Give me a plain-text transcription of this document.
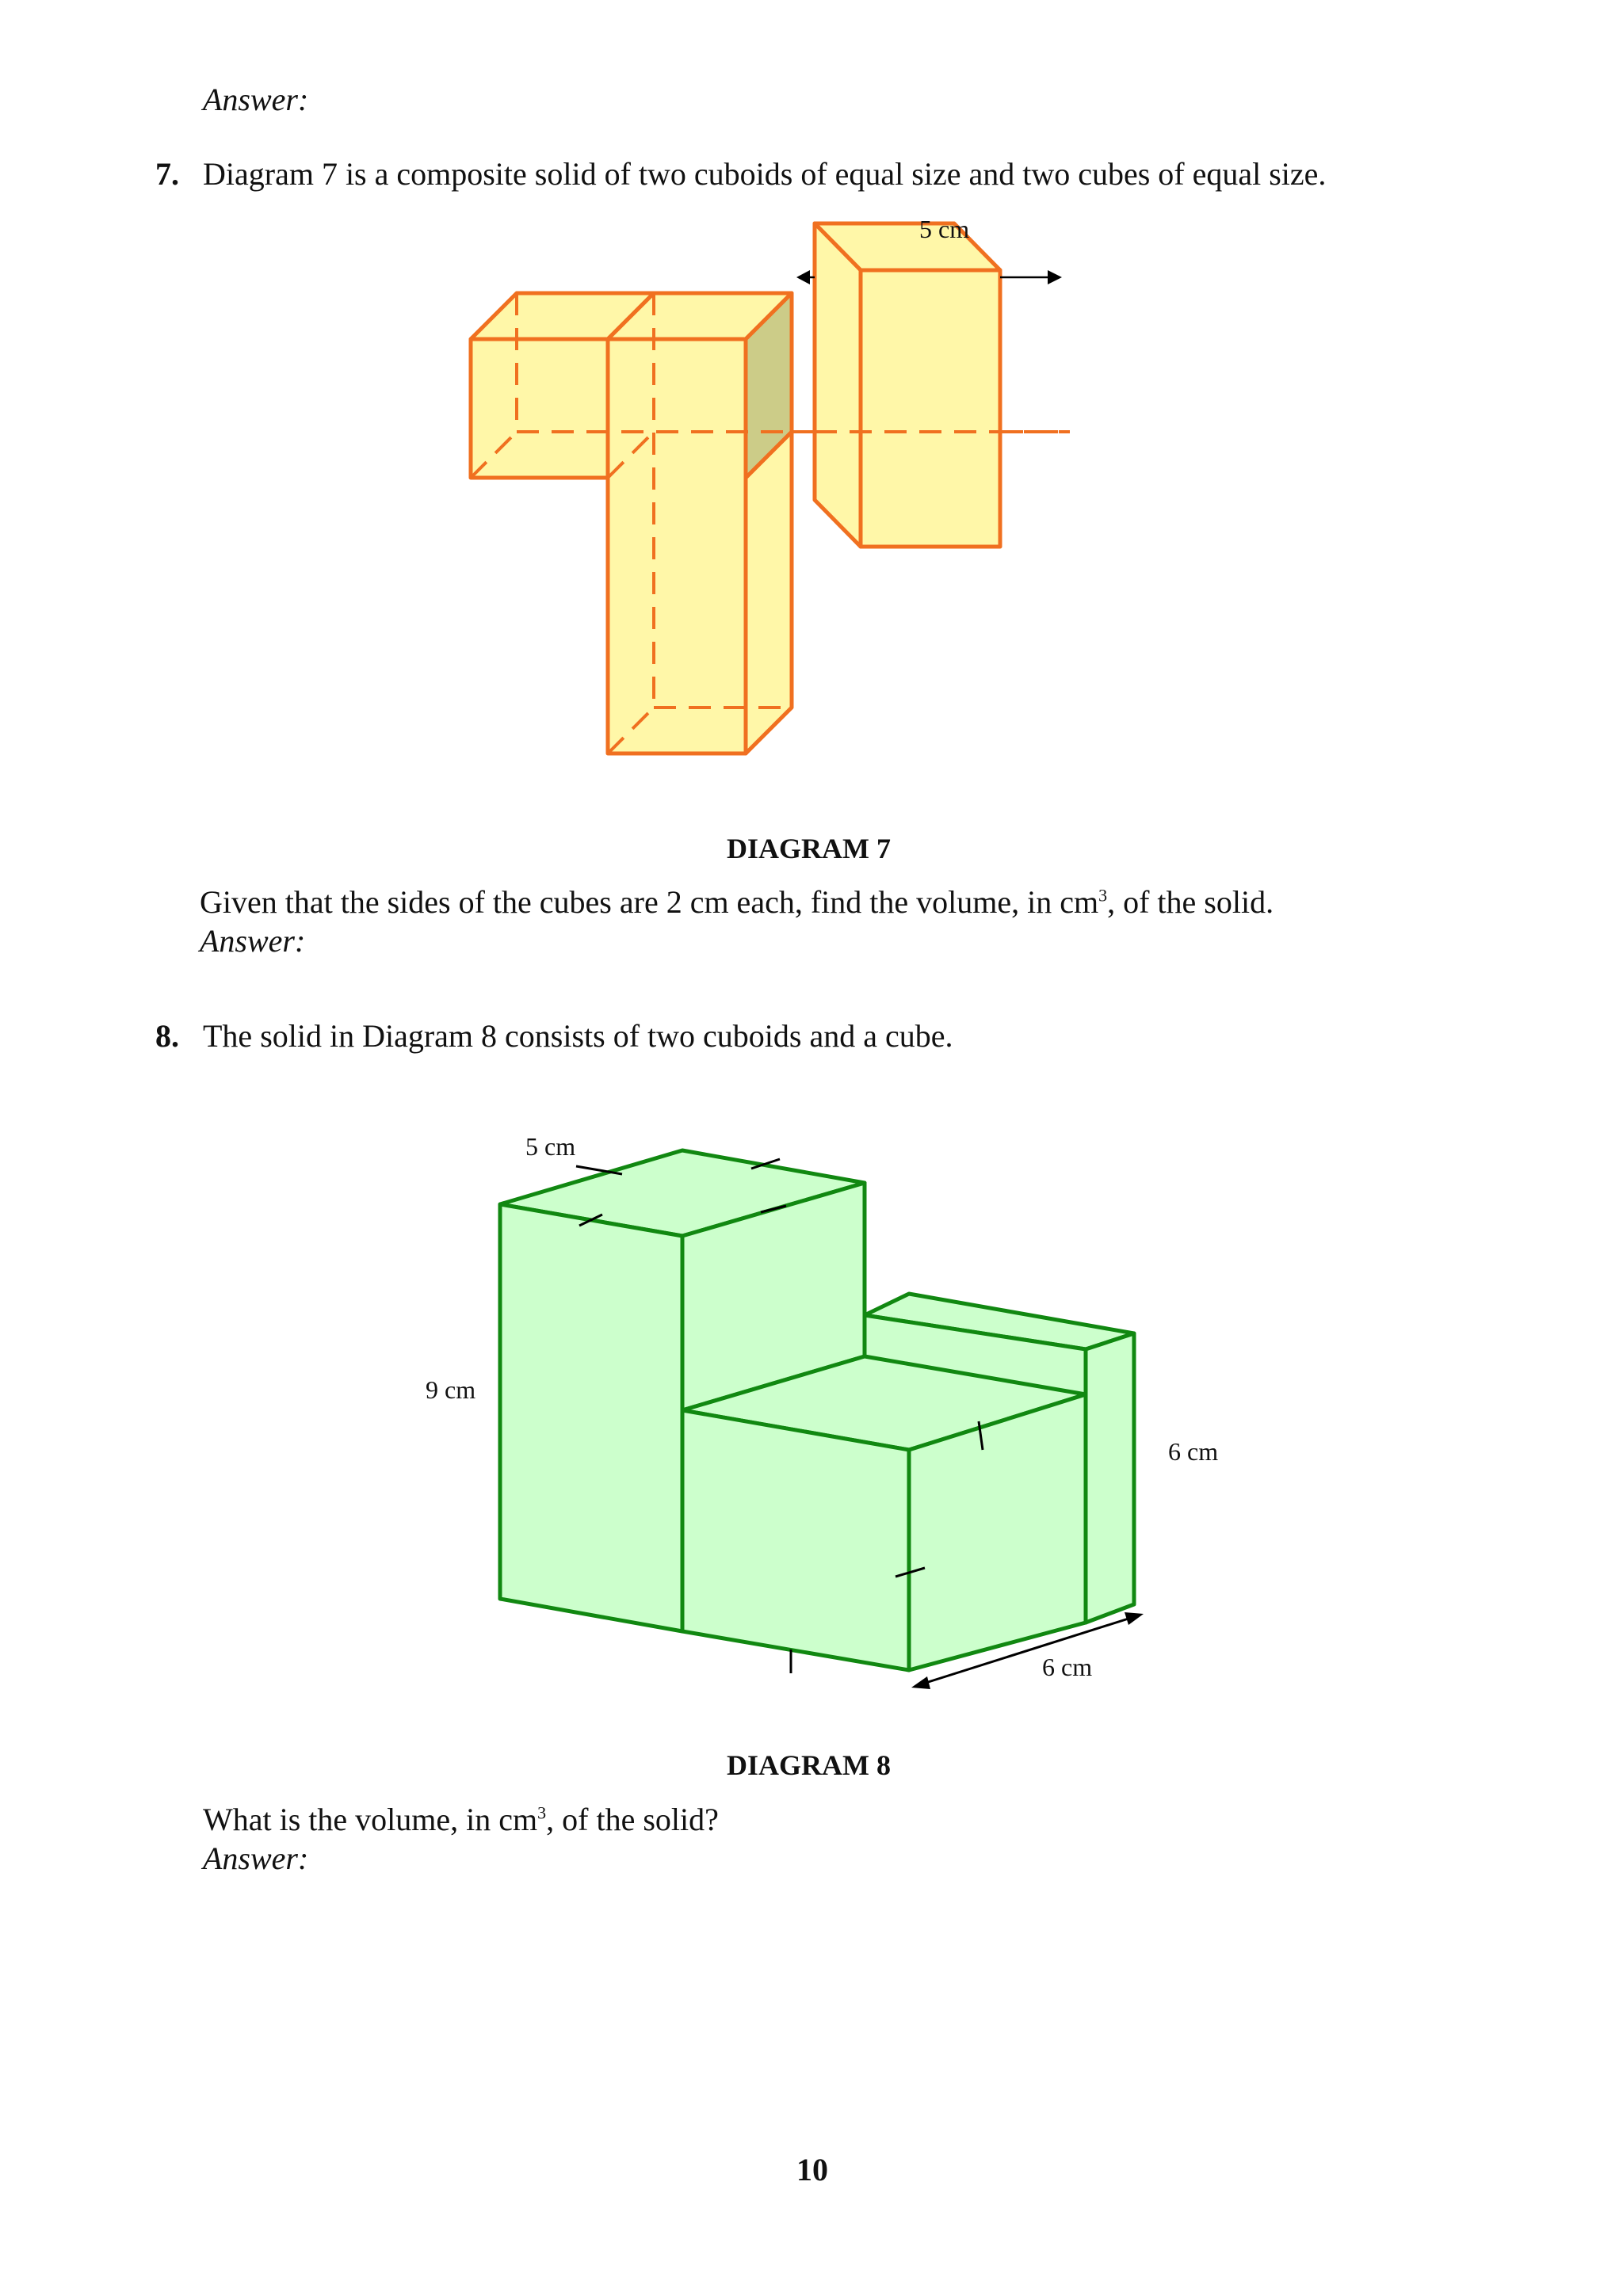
Answer:

7. Diagram 7 is a composite solid of two cuboids of equal size and two cubes of equal size.

5 cm

DIAGRAM 7

Given that the sides of the cubes are 2 cm each, find the volume, in $cm^3$, of the solid.

Answer:

8. The solid in Diagram 8 consists of two cuboids and a cube.

5 cm
9 cm
6 cm
6 cm

DIAGRAM 8

What is the volume, in $cm^3$, of the solid?

Answer:

10
